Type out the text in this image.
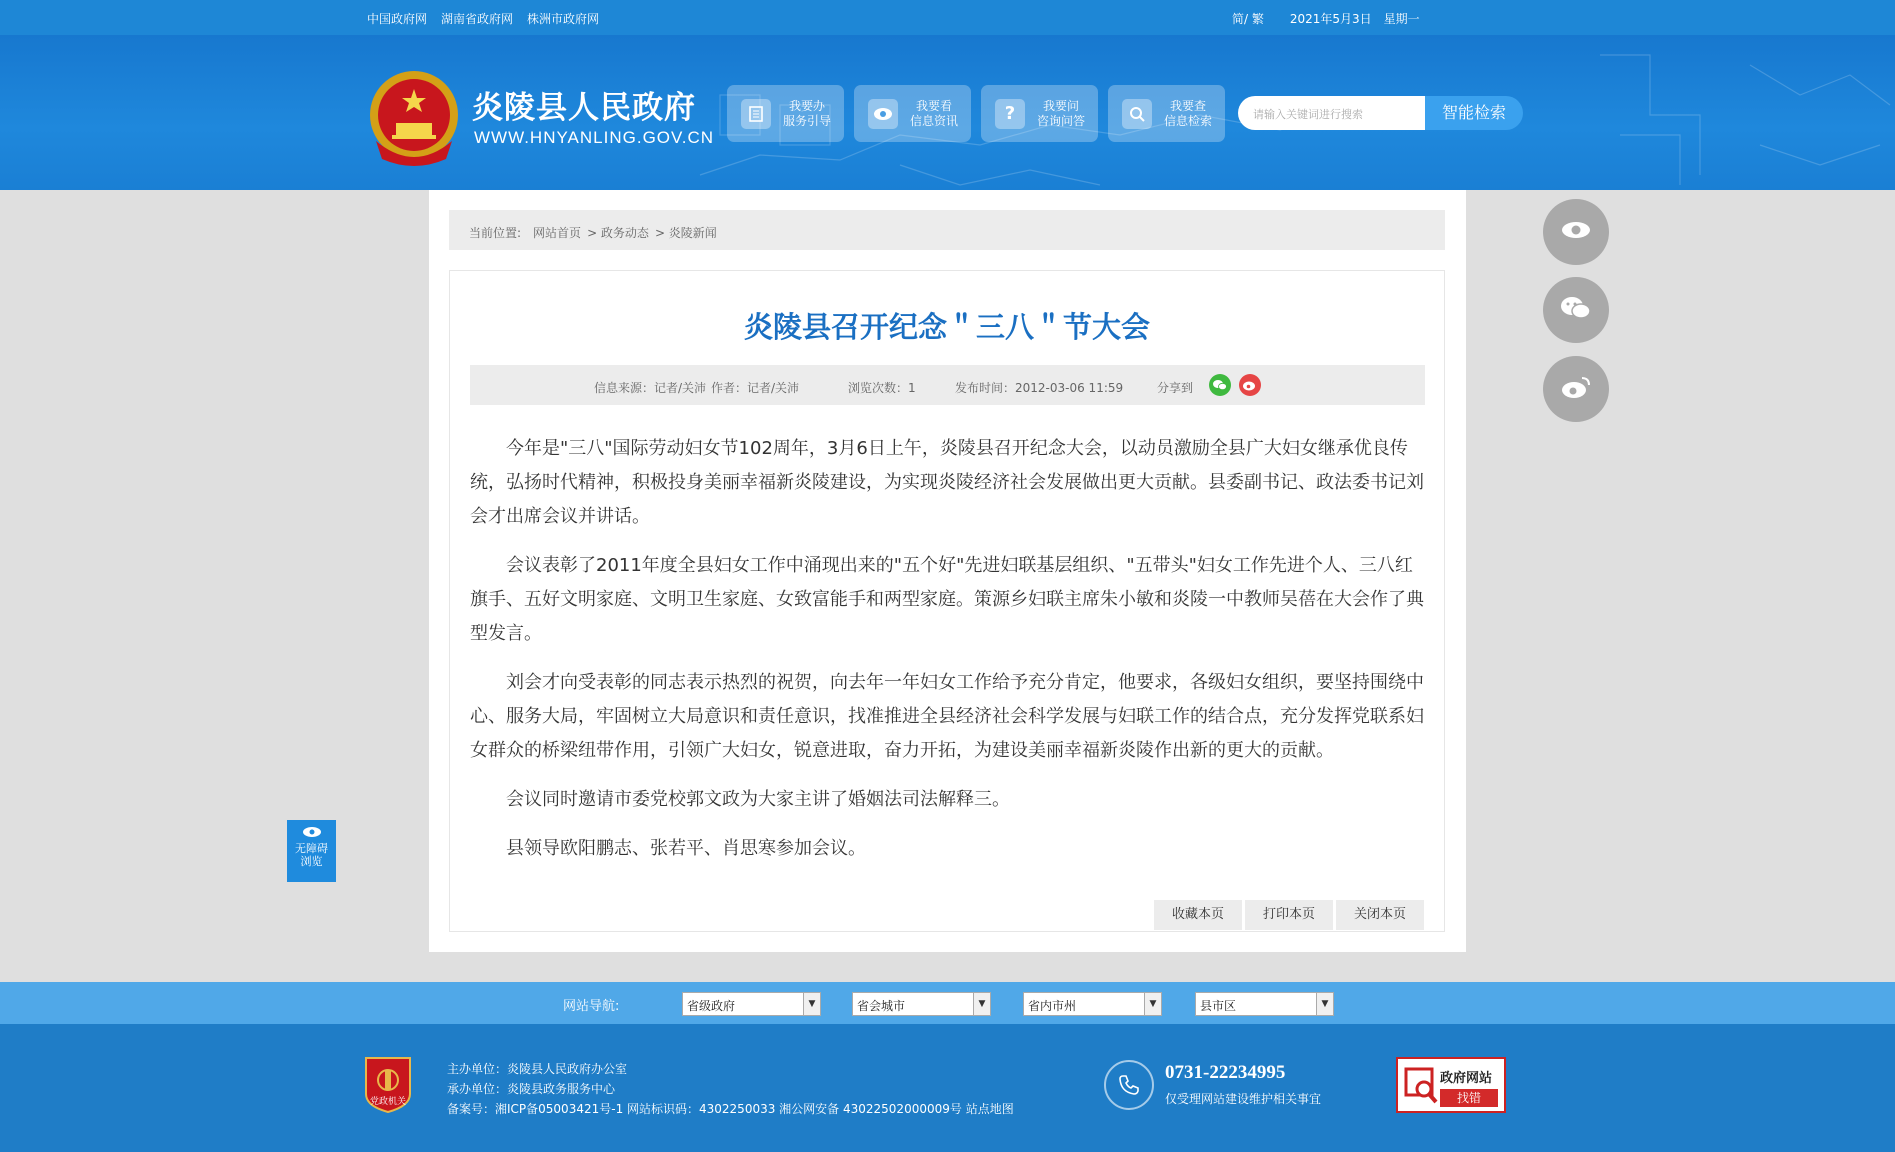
中国政府网 湖南省政府网 株洲市政府网	简/ 繁 2021年5月3日 星期一
炎陵县人民政府
WWW.HNYANLING.GOV.CN
我要办
服务引导
我要看
信息资讯	?	我要问
咨询问答
我要查
信息检索	请输入关键词进行搜索	智能检索
当前位置: 网站首页 > 政务动态 > 炎陵新闻
炎陵县召开纪念＂三八＂节大会
信息来源：记者/关沛 作者：记者/关沛	浏览次数：1	发布时间：2012-03-06 11:59	分享到

今年是"三八"国际劳动妇女节102周年，3月6日上午，炎陵县召开纪念大会，以动员激励全县广大妇女继承优良传统，弘扬时代精神，积极投身美丽幸福新炎陵建设，为实现炎陵经济社会发展做出更大贡献。县委副书记、政法委书记刘会才出席会议并讲话。

会议表彰了2011年度全县妇女工作中涌现出来的"五个好"先进妇联基层组织、"五带头"妇女工作先进个人、三八红旗手、五好文明家庭、文明卫生家庭、女致富能手和两型家庭。策源乡妇联主席朱小敏和炎陵一中教师吴蓓在大会作了典型发言。

刘会才向受表彰的同志表示热烈的祝贺，向去年一年妇女工作给予充分肯定，他要求，各级妇女组织，要坚持围绕中心、服务大局，牢固树立大局意识和责任意识，找准推进全县经济社会科学发展与妇联工作的结合点，充分发挥党联系妇女群众的桥梁纽带作用，引领广大妇女，锐意进取，奋力开拓，为建设美丽幸福新炎陵作出新的更大的贡献。

会议同时邀请市委党校郭文政为大家主讲了婚姻法司法解释三。

县领导欧阳鹏志、张若平、肖思寒参加会议。

收藏本页	打印本页	关闭本页
无障碍
浏览
网站导航:	省级政府	▼	省会城市	▼	省内市州	▼	县市区	▼
党政机关
主办单位：炎陵县人民政府办公室
承办单位：炎陵县政务服务中心
备案号：湘ICP备05003421号-1 网站标识码：4302250033 湘公网安备 43022502000009号 站点地图
0731-22234995
仅受理网站建设维护相关事宜
政府网站
找错
